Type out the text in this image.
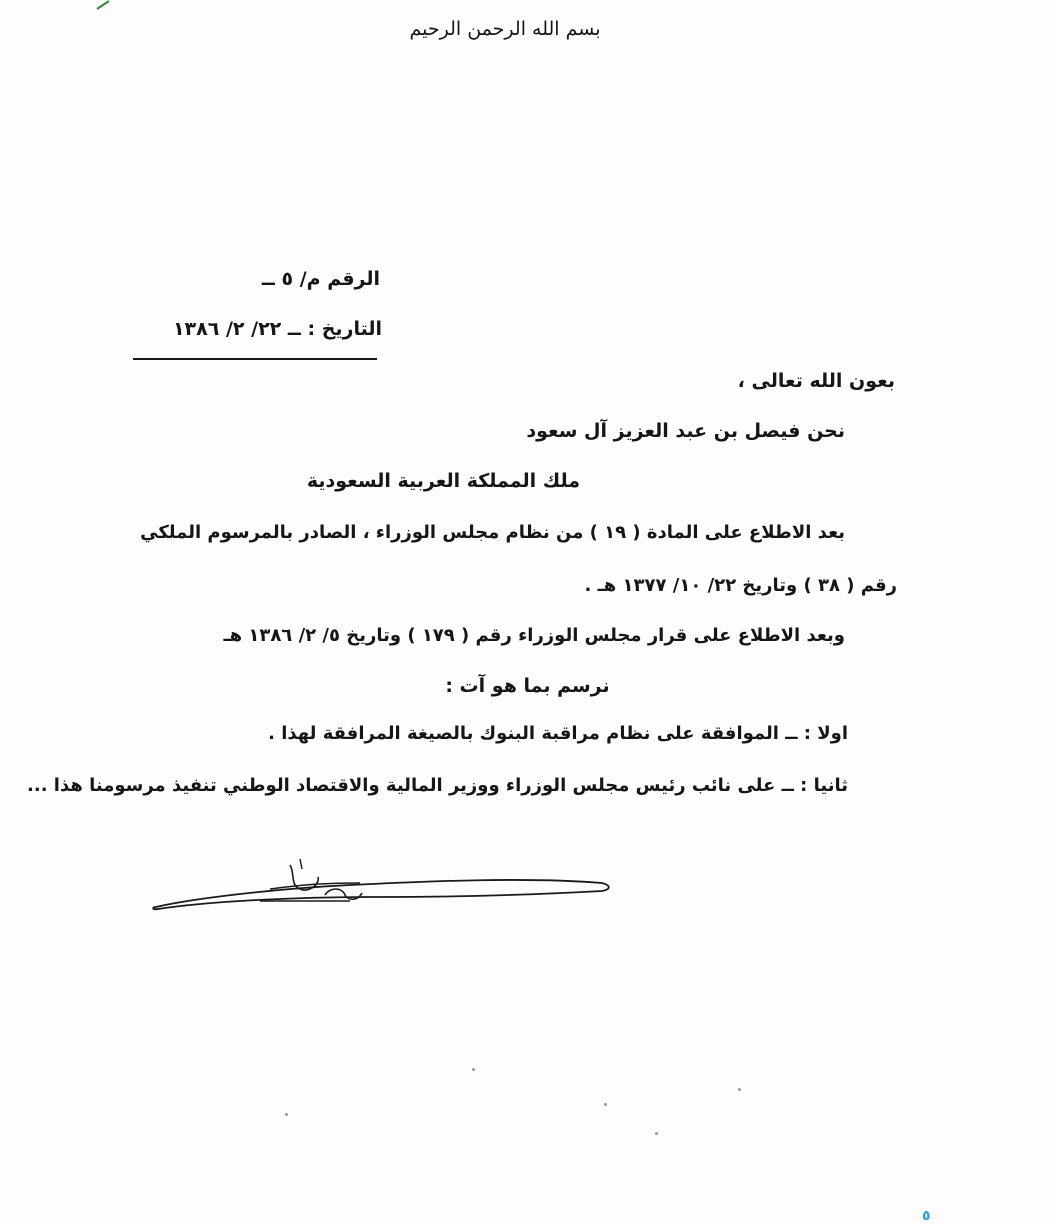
بسم الله الرحمن الرحيم
الرقم م/ ٥ ــ
التاريخ : ــ ٢٢/ ٢/ ١٣٨٦
بعون الله تعالى ،
نحن فيصل بن عبد العزيز آل سعود
ملك المملكة العربية السعودية
بعد الاطلاع على المادة ( ١٩ ) من نظام مجلس الوزراء ، الصادر بالمرسوم الملكي
رقم ( ٣٨ ) وتاريخ ٢٢/ ١٠/ ١٣٧٧ هـ .
وبعد الاطلاع على قرار مجلس الوزراء رقم ( ١٧٩ ) وتاريخ ٥/ ٢/ ١٣٨٦ هـ
نرسم بما هو آت :
اولا : ــ الموافقة على نظام مراقبة البنوك بالصيغة المرافقة لهذا .
ثانيا : ــ على نائب رئيس مجلس الوزراء ووزير المالية والاقتصاد الوطني تنفيذ مرسومنا هذا ...
٥
